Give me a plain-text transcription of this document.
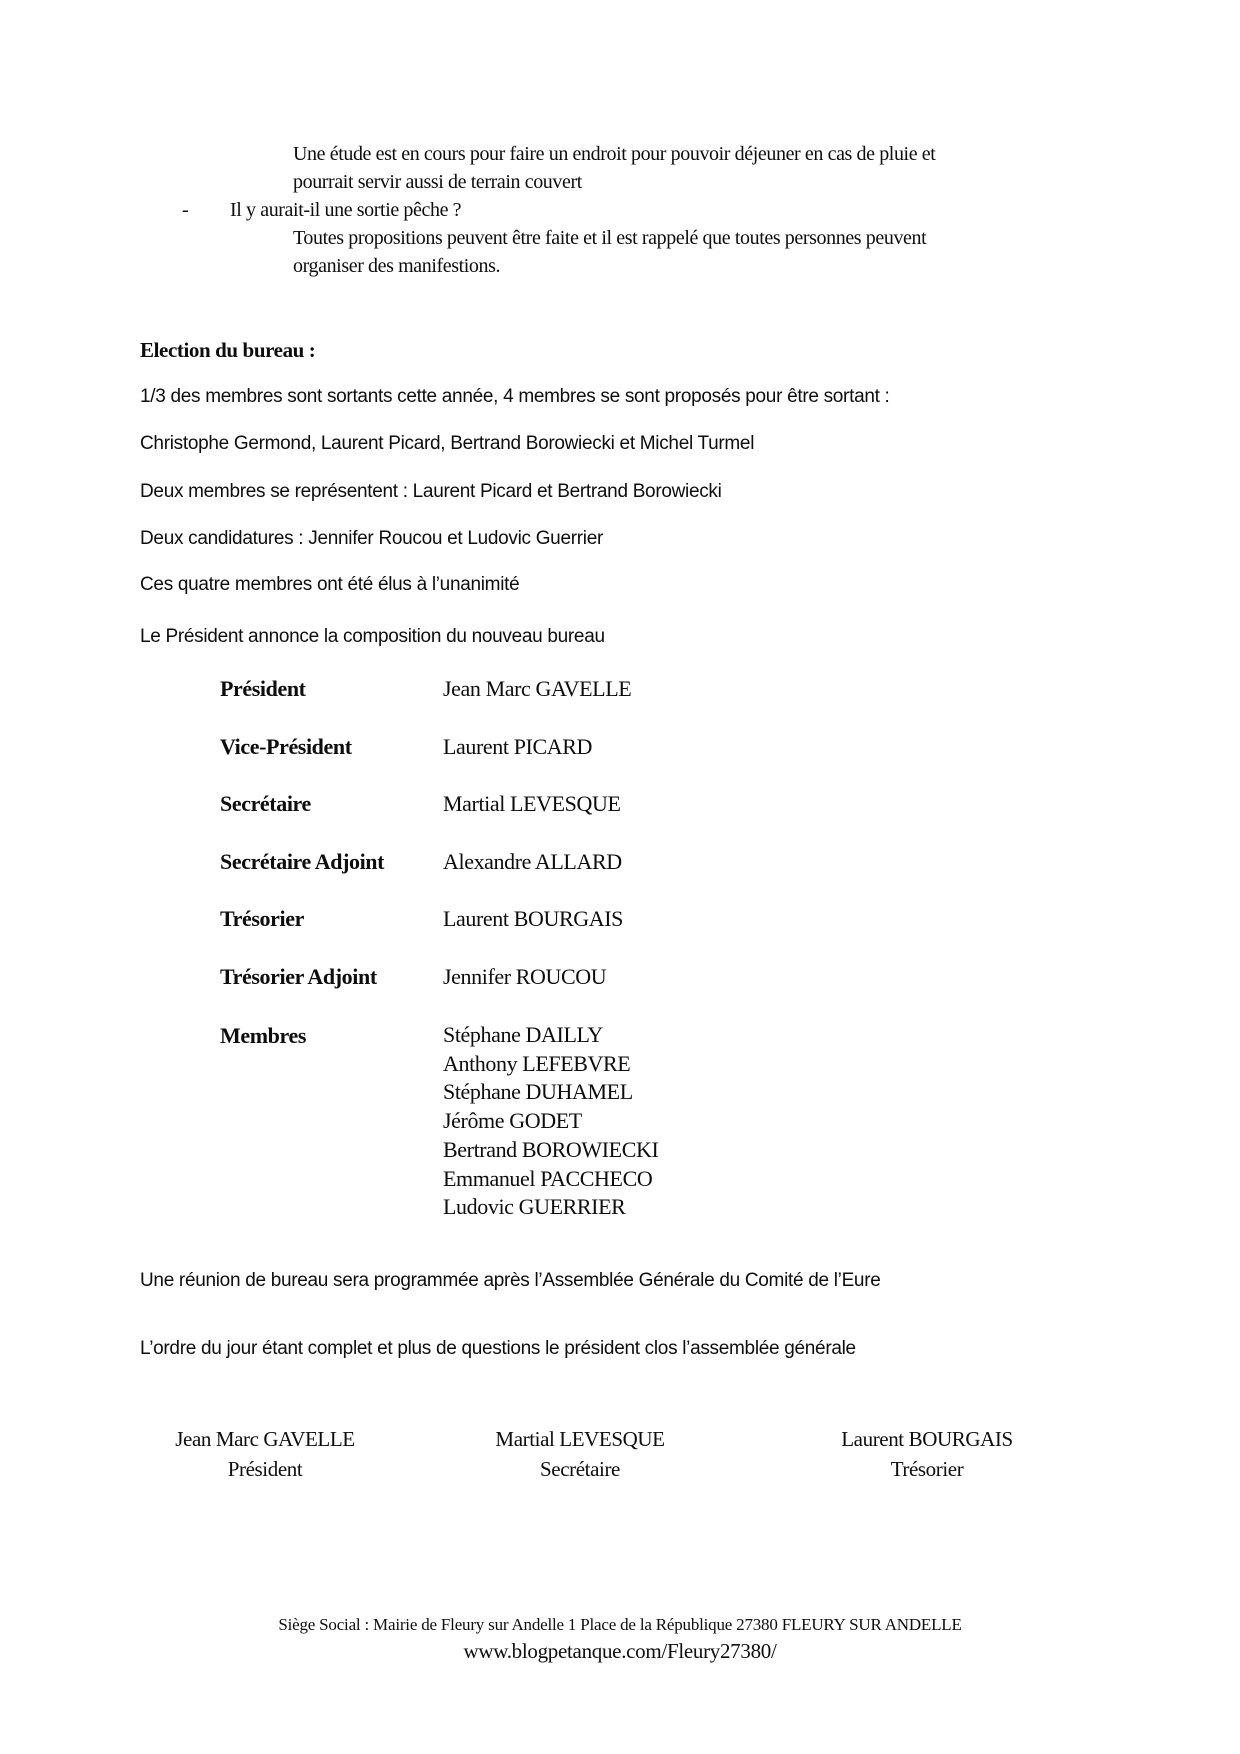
Une étude est en cours pour faire un endroit pour pouvoir déjeuner en cas de pluie et
pourrait servir aussi de terrain couvert
- Il y aurait-il une sortie pêche ?
Toutes propositions peuvent être faite et il est rappelé que toutes personnes peuvent
organiser des manifestions.
Election du bureau :
1/3 des membres sont sortants cette année, 4 membres se sont proposés pour être sortant :
Christophe Germond, Laurent Picard, Bertrand Borowiecki et Michel Turmel
Deux membres se représentent : Laurent Picard et Bertrand Borowiecki
Deux candidatures : Jennifer Roucou et Ludovic Guerrier
Ces quatre membres ont été élus à l’unanimité
Le Président annonce la composition du nouveau bureau
Président	Jean Marc GAVELLE
Vice-Président	Laurent PICARD
Secrétaire	Martial LEVESQUE
Secrétaire Adjoint	Alexandre ALLARD
Trésorier	Laurent BOURGAIS
Trésorier Adjoint	Jennifer ROUCOU
Membres	Stéphane DAILLY
Anthony LEFEBVRE
Stéphane DUHAMEL
Jérôme GODET
Bertrand BOROWIECKI
Emmanuel PACCHECO
Ludovic GUERRIER
Une réunion de bureau sera programmée après l’Assemblée Générale du Comité de l’Eure
L’ordre du jour étant complet et plus de questions le président clos l’assemblée générale
Jean Marc GAVELLE
Président
Martial LEVESQUE
Secrétaire
Laurent BOURGAIS
Trésorier
Siège Social : Mairie de Fleury sur Andelle 1 Place de la République 27380 FLEURY SUR ANDELLE
www.blogpetanque.com/Fleury27380/
